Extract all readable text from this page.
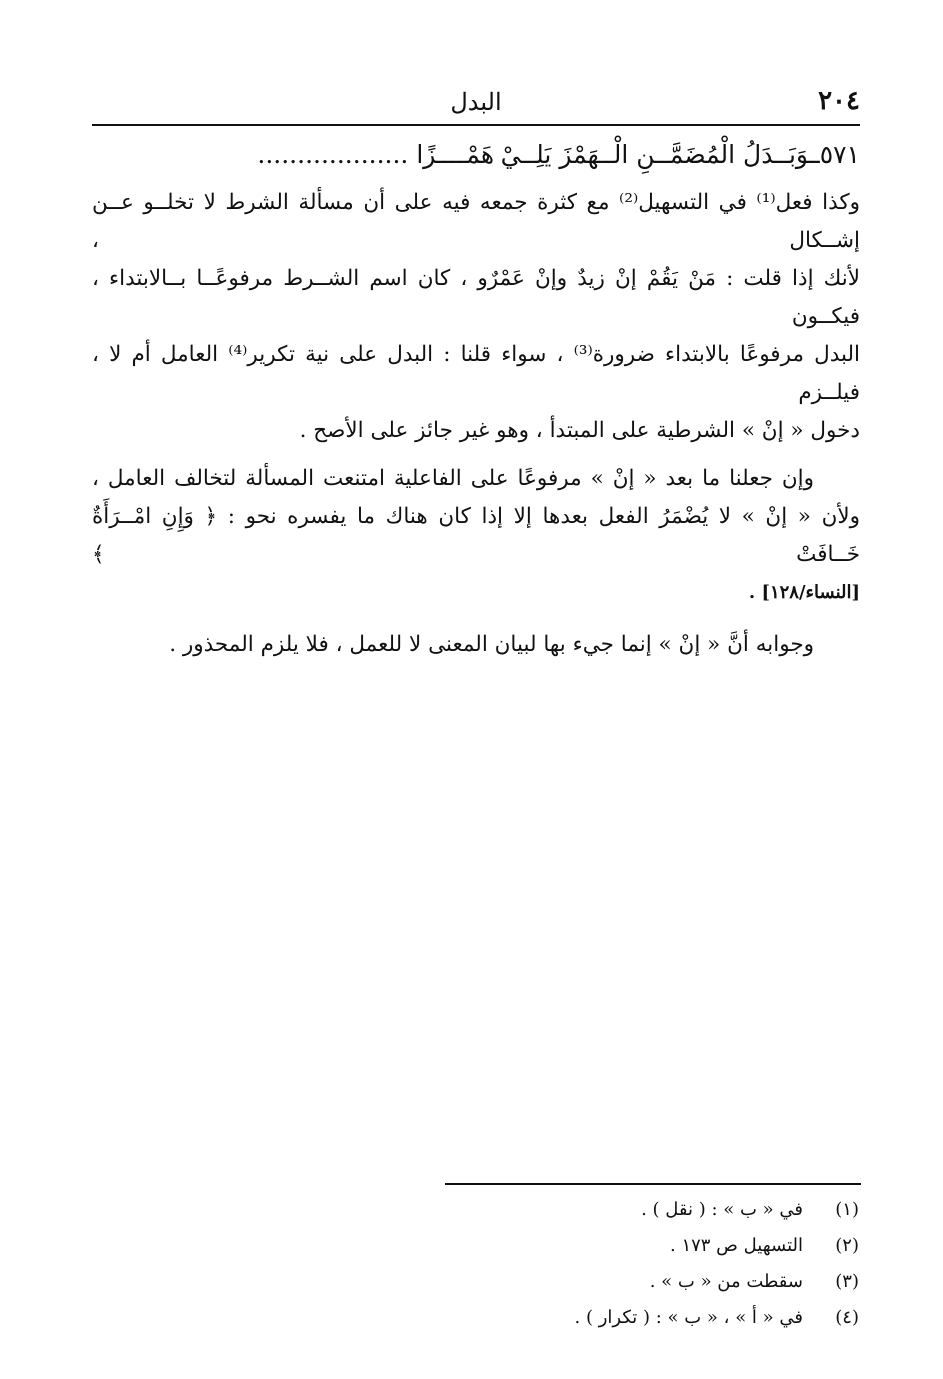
٢٠٤
البدل
٥٧١ــ
وَبَــدَلُ الْمُضَمَّــنِ الْــهَمْزَ يَلِــيْ
هَمْــــزًا ...................

وكذا فعل⁽¹⁾ في التسهيل⁽²⁾ مع كثرة جمعه فيه على أن مسألة الشرط لا تخلــو عــن إشــكال ،
لأنك إذا قلت : مَنْ يَقُمْ إنْ زيدٌ وإنْ عَمْرٌو ، كان اسم الشــرط مرفوعًــا بــالابتداء ، فيكــون
البدل مرفوعًا بالابتداء ضرورة⁽³⁾ ، سواء قلنا : البدل على نية تكرير⁽⁴⁾ العامل أم لا ، فيلــزم
دخول « إنْ » الشرطية على المبتدأ ، وهو غير جائز على الأصح .

وإن جعلنا ما بعد « إنْ » مرفوعًا على الفاعلية امتنعت المسألة لتخالف العامل ،
ولأن « إنْ » لا يُضْمَرُ الفعل بعدها إلا إذا كان هناك ما يفسره نحو : ﴿ وَإِنِ امْــرَأَةٌ خَــافَتْ ﴾
[النساء/١٢٨] .

وجوابه أنَّ « إنْ » إنما جيء بها لبيان المعنى لا للعمل ، فلا يلزم المحذور .

(١)
في « ب » : ( نقل ) .
(٢)
التسهيل ص ١٧٣ .
(٣)
سقطت من « ب » .
(٤)
في « أ » ، « ب » : ( تكرار ) .
